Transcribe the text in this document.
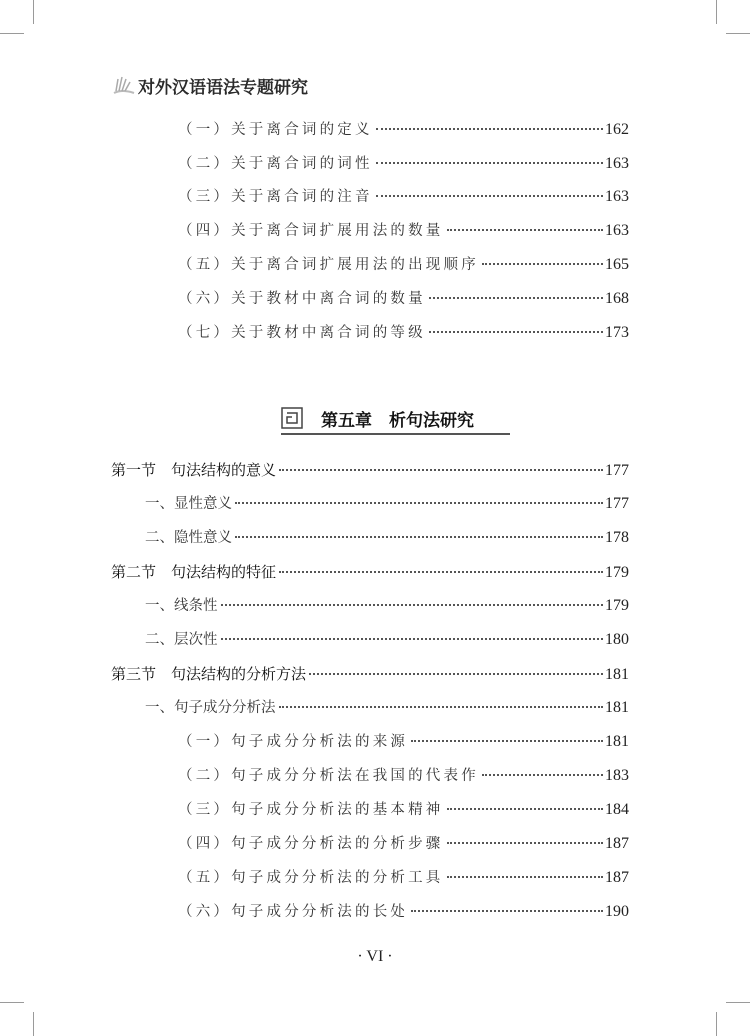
对外汉语语法专题研究
（一）关于离合词的定义	162
（二）关于离合词的词性	163
（三）关于离合词的注音	163
（四）关于离合词扩展用法的数量	163
（五）关于离合词扩展用法的出现顺序	165
（六）关于教材中离合词的数量	168
（七）关于教材中离合词的等级	173
第五章　析句法研究
第一节　句法结构的意义	177
一、显性意义	177
二、隐性意义	178
第二节　句法结构的特征	179
一、线条性	179
二、层次性	180
第三节　句法结构的分析方法	181
一、句子成分分析法	181
（一）句子成分分析法的来源	181
（二）句子成分分析法在我国的代表作	183
（三）句子成分分析法的基本精神	184
（四）句子成分分析法的分析步骤	187
（五）句子成分分析法的分析工具	187
（六）句子成分分析法的长处	190
· VI ·
